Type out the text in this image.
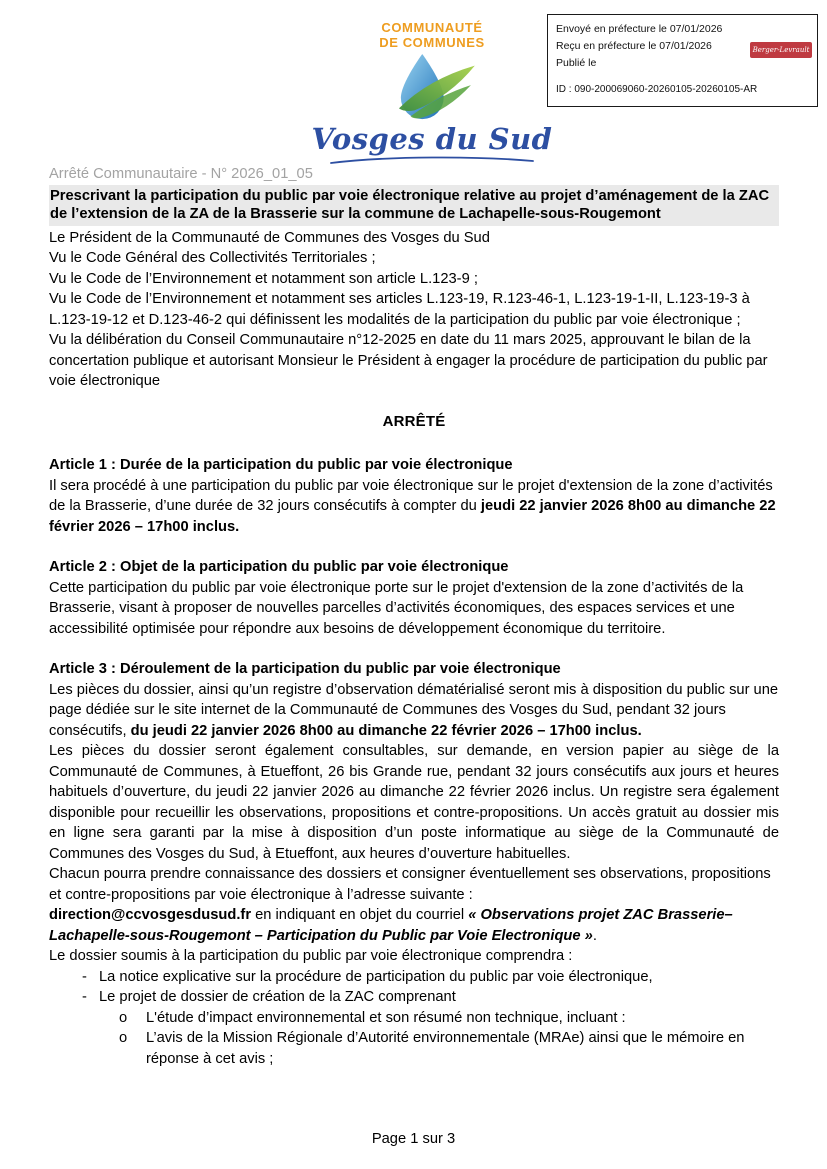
Envoyé en préfecture le 07/01/2026
Reçu en préfecture le 07/01/2026
Publié le
ID : 090-200069060-20260105-20260105-AR
Berger-Levrault
COMMUNAUTÉ
DE COMMUNES
Vosges du Sud
Arrêté Communautaire - N° 2026_01_05
Prescrivant la participation du public par voie électronique relative au projet d’aménagement de la ZAC de l’extension de la ZA de la Brasserie sur la commune de Lachapelle-sous-Rougemont

Le Président de la Communauté de Communes des Vosges du Sud

Vu le Code Général des Collectivités Territoriales ;

Vu le Code de l’Environnement et notamment son article L.123-9 ;

Vu le Code de l’Environnement et notamment ses articles L.123-19, R.123-46-1, L.123-19-1-II, L.123-19-3 à L.123-19-12 et D.123-46-2 qui définissent les modalités de la participation du public par voie électronique ;

Vu la délibération du Conseil Communautaire n°12-2025 en date du 11 mars 2025, approuvant le bilan de la concertation publique et autorisant Monsieur le Président à engager la procédure de participation du public par voie électronique

ARRÊTÉ
Article 1 : Durée de la participation du public par voie électronique

Il sera procédé à une participation du public par voie électronique sur le projet d'extension de la zone d’activités de la Brasserie, d’une durée de 32 jours consécutifs à compter du jeudi 22 janvier 2026 8h00 au dimanche 22 février 2026 – 17h00 inclus.

Article 2 : Objet de la participation du public par voie électronique

Cette participation du public par voie électronique porte sur le projet d'extension de la zone d’activités de la Brasserie, visant à proposer de nouvelles parcelles d’activités économiques, des espaces services et une accessibilité optimisée pour répondre aux besoins de développement économique du territoire.

Article 3 : Déroulement de la participation du public par voie électronique

Les pièces du dossier, ainsi qu’un registre d’observation dématérialisé seront mis à disposition du public sur une page dédiée sur le site internet de la Communauté de Communes des Vosges du Sud, pendant 32 jours consécutifs, du jeudi 22 janvier 2026 8h00 au dimanche 22 février 2026 – 17h00 inclus.

Les pièces du dossier seront également consultables, sur demande, en version papier au siège de la Communauté de Communes, à Etueffont, 26 bis Grande rue, pendant 32 jours consécutifs aux jours et heures habituels d’ouverture, du jeudi 22 janvier 2026 au dimanche 22 février 2026 inclus. Un registre sera également disponible pour recueillir les observations, propositions et contre-propositions. Un accès gratuit au dossier mis en ligne sera garanti par la mise à disposition d’un poste informatique au siège de la Communauté de Communes des Vosges du Sud, à Etueffont, aux heures d’ouverture habituelles.

Chacun pourra prendre connaissance des dossiers et consigner éventuellement ses observations, propositions et contre-propositions par voie électronique à l’adresse suivante :

direction@ccvosgesdusud.fr en indiquant en objet du courriel « Observations projet ZAC Brasserie– Lachapelle-sous-Rougemont – Participation du Public par Voie Electronique ».

Le dossier soumis à la participation du public par voie électronique comprendra :

- La notice explicative sur la procédure de participation du public par voie électronique,
- Le projet de dossier de création de la ZAC comprenant
o	L'étude d’impact environnemental et son résumé non technique, incluant :
o	L’avis de la Mission Régionale d’Autorité environnementale (MRAe) ainsi que le mémoire en réponse à cet avis ;
Page 1 sur 3
